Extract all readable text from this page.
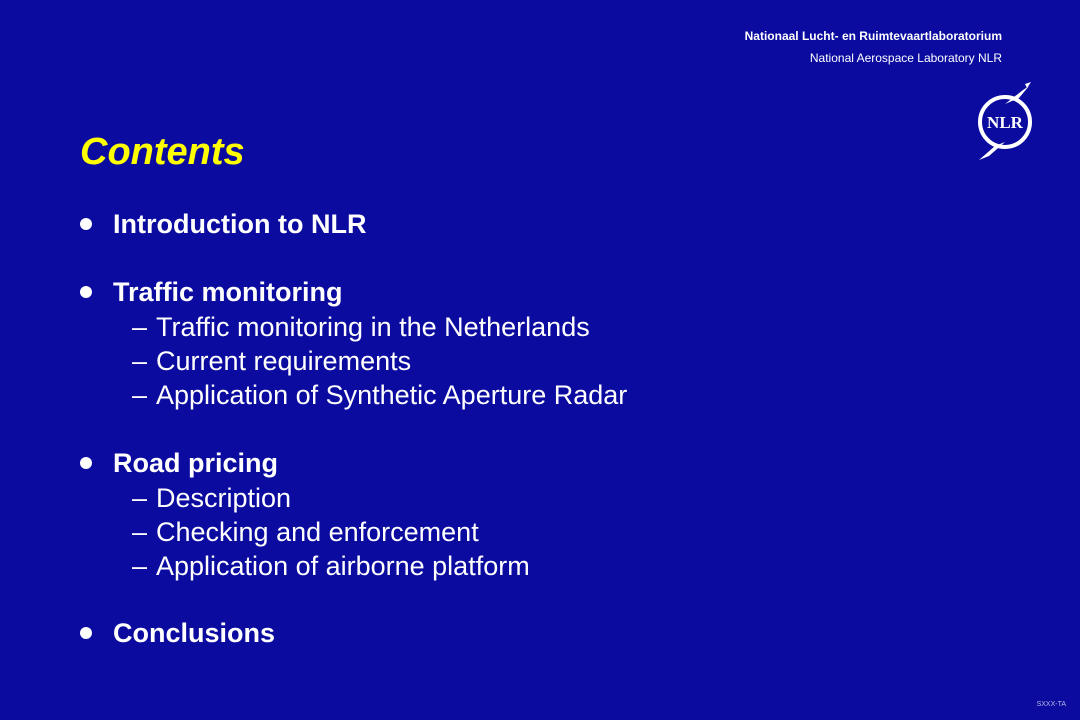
Nationaal Lucht- en Ruimtevaartlaboratorium
National Aerospace Laboratory NLR
NLR
Contents
Introduction to NLR
Traffic monitoring
– Traffic monitoring in the Netherlands
– Current requirements
– Application of Synthetic Aperture Radar
Road pricing
– Description
– Checking and enforcement
– Application of airborne platform
Conclusions
SXXX-TA
